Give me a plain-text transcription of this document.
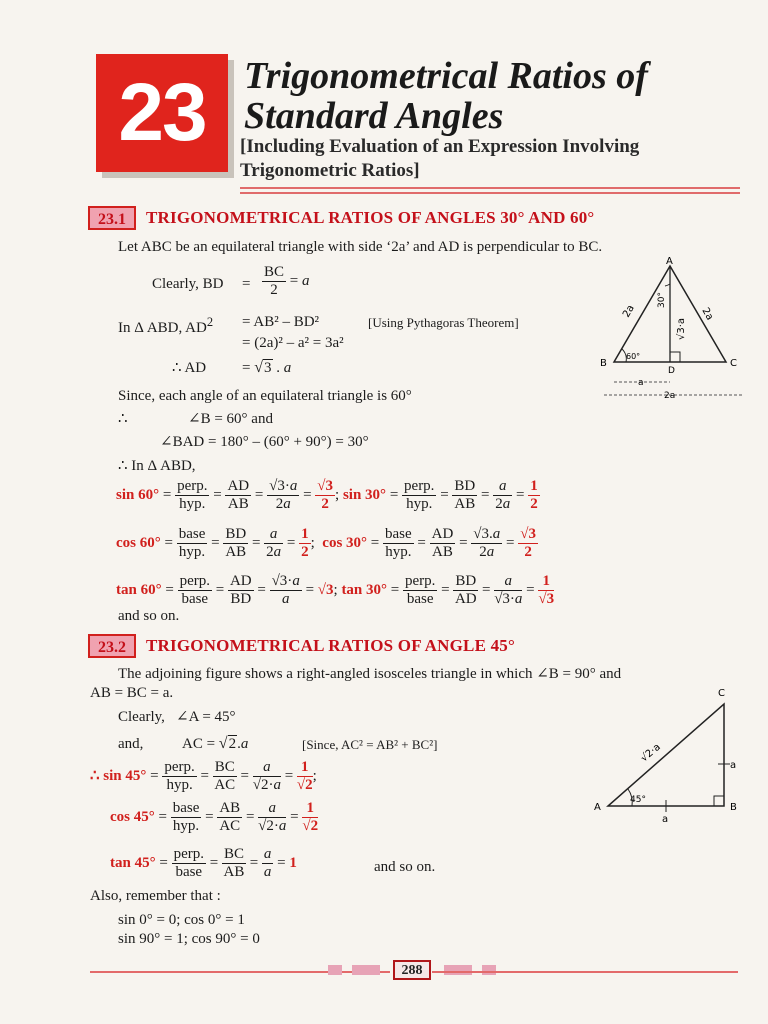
23	Trigonometrical Ratios of
Standard Angles
[Including Evaluation of an Expression Involving
Trigonometric Ratios]
23.1	TRIGONOMETRICAL RATIOS OF ANGLES 30° AND 60°
Let ABC be an equilateral triangle with side ‘2a’ and AD is perpendicular to BC.
Clearly, BD = $\frac{BC}{2} = a$
In Δ ABD, $AD^2 = AB^2 - BD^2$	[Using Pythagoras Theorem]
= (2a)² – a² = 3a²
∴ AD = √3 . a
Since, each angle of an equilateral triangle is 60°
∴	∠B = 60° and
∠BAD = 180° – (60° + 90°) = 30°
∴ In Δ ABD,
$\sin 60^\circ = \frac{\text{perp.}}{\text{hyp.}} = \frac{AD}{AB} = \frac{√3\cdot a}{2a} = \frac{√3}{2}$ ; $\sin 30^\circ = \frac{\text{perp.}}{\text{hyp.}} = \frac{BD}{AB} = \frac{a}{2a} = \frac{1}{2}$
$\cos 60^\circ = \frac{\text{base}}{\text{hyp.}} = \frac{BD}{AB} = \frac{a}{2a} = \frac{1}{2}$ ;  $\cos 30^\circ = \frac{\text{base}}{\text{hyp.}} = \frac{AD}{AB} = \frac{√3.a}{2a} = \frac{√3}{2}$
$\tan 60^\circ = \frac{\text{perp.}}{\text{base}} = \frac{AD}{BD} = \frac{√3\cdot a}{a} = √3$; $\tan 30^\circ = \frac{\text{perp.}}{\text{base}} = \frac{BD}{AD} = \frac{a}{√3\cdot a} = \frac{1}{√3}$
and so on.
A
B	C
D
2a	2a
√3·a
30°
60°
a
2a
23.2	TRIGONOMETRICAL RATIOS OF ANGLE 45°
The adjoining figure shows a right-angled isosceles triangle in which ∠B = 90° and
AB = BC = a.
Clearly, ∠A = 45°
and,	AC = √2.a	[Since, AC² = AB² + BC²]
∴ $\sin 45^\circ = \frac{\text{perp.}}{\text{hyp.}} = \frac{BC}{AC} = \frac{a}{√2\cdot a} = \frac{1}{√2}$ ;
$\cos 45^\circ = \frac{\text{base}}{\text{hyp.}} = \frac{AB}{AC} = \frac{a}{√2\cdot a} = \frac{1}{√2}$
$\tan 45^\circ = \frac{\text{perp.}}{\text{base}} = \frac{BC}{AB} = \frac{a}{a} = 1$	and so on.
Also, remember that :
sin 0° = 0; cos 0° = 1
sin 90° = 1; cos 90° = 0
C
A	B
√2·a
a
a
45°
288
